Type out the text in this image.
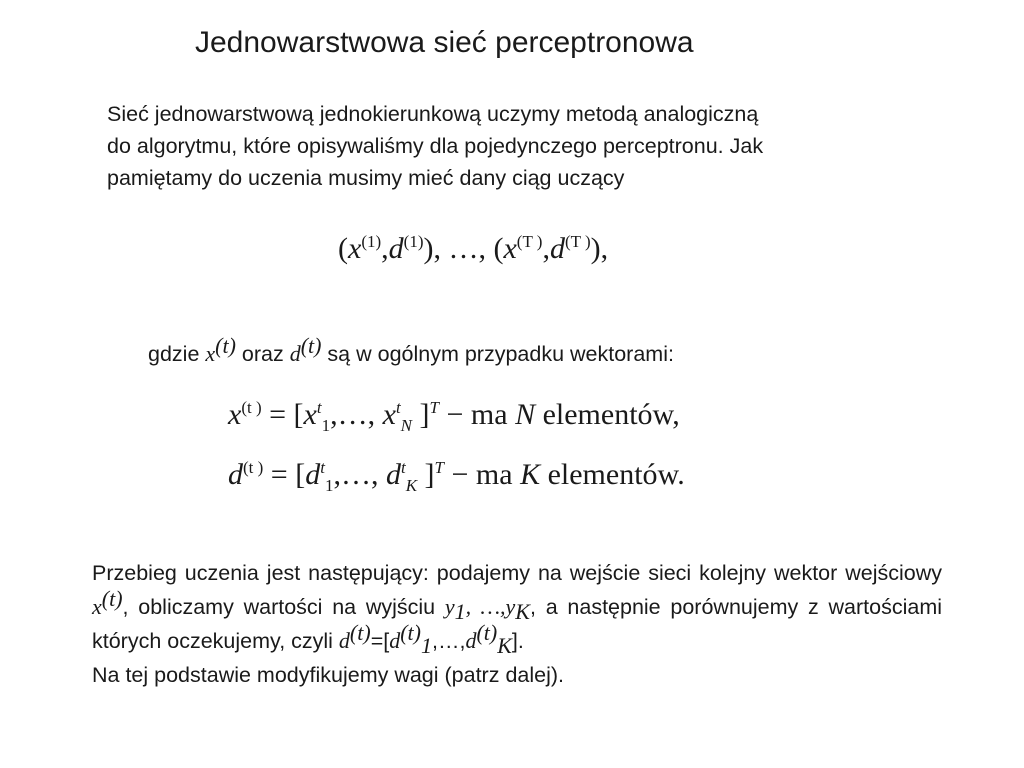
Jednowarstwowa sieć perceptronowa

Sieć jednowarstwową jednokierunkową uczymy metodą analogiczną

do algorytmu, które opisywaliśmy dla pojedynczego perceptronu. Jak

pamiętamy do uczenia musimy mieć dany ciąg uczący

$(x^{(1)},d^{(1)})$, …, $(x^{(T )},d^{(T )})$,
gdzie $x^{(t)}$ oraz $d^{(t)}$ są w ogólnym przypadku wektorami:
$x^{(t )}$ = [$x^t_1,\dots$, $x^t_N$ ]$^T$ − ma N elementów,
$d^{(t )}$ = [$d^t_1,\dots$, $d^t_K$ ]$^T$ − ma K elementów.

Przebieg uczenia jest następujący: podajemy na wejście sieci kolejny wektor wejściowy $x^{(t)}$, obliczamy wartości na wyjściu $y_1$, $\dots,y_K$, a następnie porównujemy z wartościami których oczekujemy, czyli $d^{(t)}=[d^{(t)}_1,\dots,d^{(t)}_K]$.

Na tej podstawie modyfikujemy wagi (patrz dalej).
